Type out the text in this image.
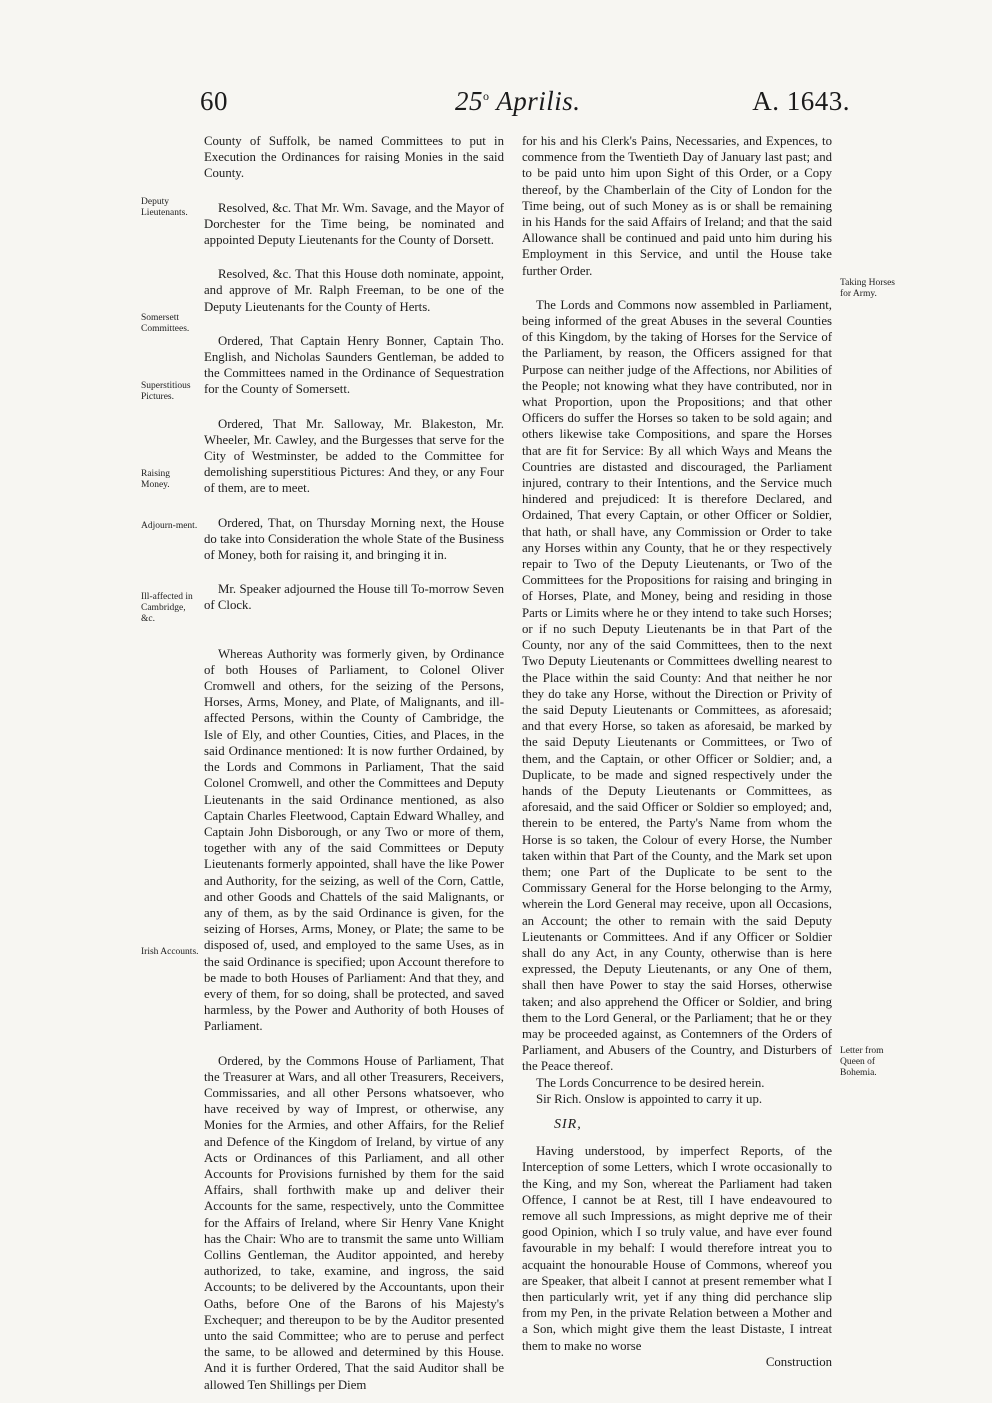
60	25$^o$ Aprilis.	A. 1643.
Deputy Lieutenants.
Somersett Committees.
Superstitious Pictures.
Raising Money.
Adjourn-ment.
Ill-affected in Cambridge, &c.
Irish Accounts.
Taking Horses for Army.
Letter from Queen of Bohemia.

County of Suffolk, be named Committees to put in Execution the Ordinances for raising Monies in the said County.

Resolved, &c. That Mr. Wm. Savage, and the Mayor of Dorchester for the Time being, be nominated and appointed Deputy Lieutenants for the County of Dorsett.

Resolved, &c. That this House doth nominate, appoint, and approve of Mr. Ralph Freeman, to be one of the Deputy Lieutenants for the County of Herts.

Ordered, That Captain Henry Bonner, Captain Tho. English, and Nicholas Saunders Gentleman, be added to the Committees named in the Ordinance of Sequestration for the County of Somersett.

Ordered, That Mr. Salloway, Mr. Blakeston, Mr. Wheeler, Mr. Cawley, and the Burgesses that serve for the City of Westminster, be added to the Committee for demolishing superstitious Pictures: And they, or any Four of them, are to meet.

Ordered, That, on Thursday Morning next, the House do take into Consideration the whole State of the Business of Money, both for raising it, and bringing it in.

Mr. Speaker adjourned the House till To-morrow Seven of Clock.

Whereas Authority was formerly given, by Ordinance of both Houses of Parliament, to Colonel Oliver Cromwell and others, for the seizing of the Persons, Horses, Arms, Money, and Plate, of Malignants, and ill-affected Persons, within the County of Cambridge, the Isle of Ely, and other Counties, Cities, and Places, in the said Ordinance mentioned: It is now further Ordained, by the Lords and Commons in Parliament, That the said Colonel Cromwell, and other the Committees and Deputy Lieutenants in the said Ordinance mentioned, as also Captain Charles Fleetwood, Captain Edward Whalley, and Captain John Disborough, or any Two or more of them, together with any of the said Committees or Deputy Lieutenants formerly appointed, shall have the like Power and Authority, for the seizing, as well of the Corn, Cattle, and other Goods and Chattels of the said Malignants, or any of them, as by the said Ordinance is given, for the seizing of Horses, Arms, Money, or Plate; the same to be disposed of, used, and employed to the same Uses, as in the said Ordinance is specified; upon Account therefore to be made to both Houses of Parliament: And that they, and every of them, for so doing, shall be protected, and saved harmless, by the Power and Authority of both Houses of Parliament.

Ordered, by the Commons House of Parliament, That the Treasurer at Wars, and all other Treasurers, Receivers, Commissaries, and all other Persons whatsoever, who have received by way of Imprest, or otherwise, any Monies for the Armies, and other Affairs, for the Relief and Defence of the Kingdom of Ireland, by virtue of any Acts or Ordinances of this Parliament, and all other Accounts for Provisions furnished by them for the said Affairs, shall forthwith make up and deliver their Accounts for the same, respectively, unto the Committee for the Affairs of Ireland, where Sir Henry Vane Knight has the Chair: Who are to transmit the same unto William Collins Gentleman, the Auditor appointed, and hereby authorized, to take, examine, and ingross, the said Accounts; to be delivered by the Accountants, upon their Oaths, before One of the Barons of his Majesty's Exchequer; and thereupon to be by the Auditor presented unto the said Committee; who are to peruse and perfect the same, to be allowed and determined by this House. And it is further Ordered, That the said Auditor shall be allowed Ten Shillings per Diem

for his and his Clerk's Pains, Necessaries, and Expences, to commence from the Twentieth Day of January last past; and to be paid unto him upon Sight of this Order, or a Copy thereof, by the Chamberlain of the City of London for the Time being, out of such Money as is or shall be remaining in his Hands for the said Affairs of Ireland; and that the said Allowance shall be continued and paid unto him during his Employment in this Service, and until the House take further Order.

The Lords and Commons now assembled in Parliament, being informed of the great Abuses in the several Counties of this Kingdom, by the taking of Horses for the Service of the Parliament, by reason, the Officers assigned for that Purpose can neither judge of the Affections, nor Abilities of the People; not knowing what they have contributed, nor in what Proportion, upon the Propositions; and that other Officers do suffer the Horses so taken to be sold again; and others likewise take Compositions, and spare the Horses that are fit for Service: By all which Ways and Means the Countries are distasted and discouraged, the Parliament injured, contrary to their Intentions, and the Service much hindered and prejudiced: It is therefore Declared, and Ordained, That every Captain, or other Officer or Soldier, that hath, or shall have, any Commission or Order to take any Horses within any County, that he or they respectively repair to Two of the Deputy Lieutenants, or Two of the Committees for the Propositions for raising and bringing in of Horses, Plate, and Money, being and residing in those Parts or Limits where he or they intend to take such Horses; or if no such Deputy Lieutenants be in that Part of the County, nor any of the said Committees, then to the next Two Deputy Lieutenants or Committees dwelling nearest to the Place within the said County: And that neither he nor they do take any Horse, without the Direction or Privity of the said Deputy Lieutenants or Committees, as aforesaid; and that every Horse, so taken as aforesaid, be marked by the said Deputy Lieutenants or Committees, or Two of them, and the Captain, or other Officer or Soldier; and, a Duplicate, to be made and signed respectively under the hands of the Deputy Lieutenants or Committees, as aforesaid, and the said Officer or Soldier so employed; and, therein to be entered, the Party's Name from whom the Horse is so taken, the Colour of every Horse, the Number taken within that Part of the County, and the Mark set upon them; one Part of the Duplicate to be sent to the Commissary General for the Horse belonging to the Army, wherein the Lord General may receive, upon all Occasions, an Account; the other to remain with the said Deputy Lieutenants or Committees. And if any Officer or Soldier shall do any Act, in any County, otherwise than is here expressed, the Deputy Lieutenants, or any One of them, shall then have Power to stay the said Horses, otherwise taken; and also apprehend the Officer or Soldier, and bring them to the Lord General, or the Parliament; that he or they may be proceeded against, as Contemners of the Orders of Parliament, and Abusers of the Country, and Disturbers of the Peace thereof.

The Lords Concurrence to be desired herein.

Sir Rich. Onslow is appointed to carry it up.

SIR,

Having understood, by imperfect Reports, of the Interception of some Letters, which I wrote occasionally to the King, and my Son, whereat the Parliament had taken Offence, I cannot be at Rest, till I have endeavoured to remove all such Impressions, as might deprive me of their good Opinion, which I so truly value, and have ever found favourable in my behalf: I would therefore intreat you to acquaint the honourable House of Commons, whereof you are Speaker, that albeit I cannot at present remember what I then particularly writ, yet if any thing did perchance slip from my Pen, in the private Relation between a Mother and a Son, which might give them the least Distaste, I intreat them to make no worse

Construction
